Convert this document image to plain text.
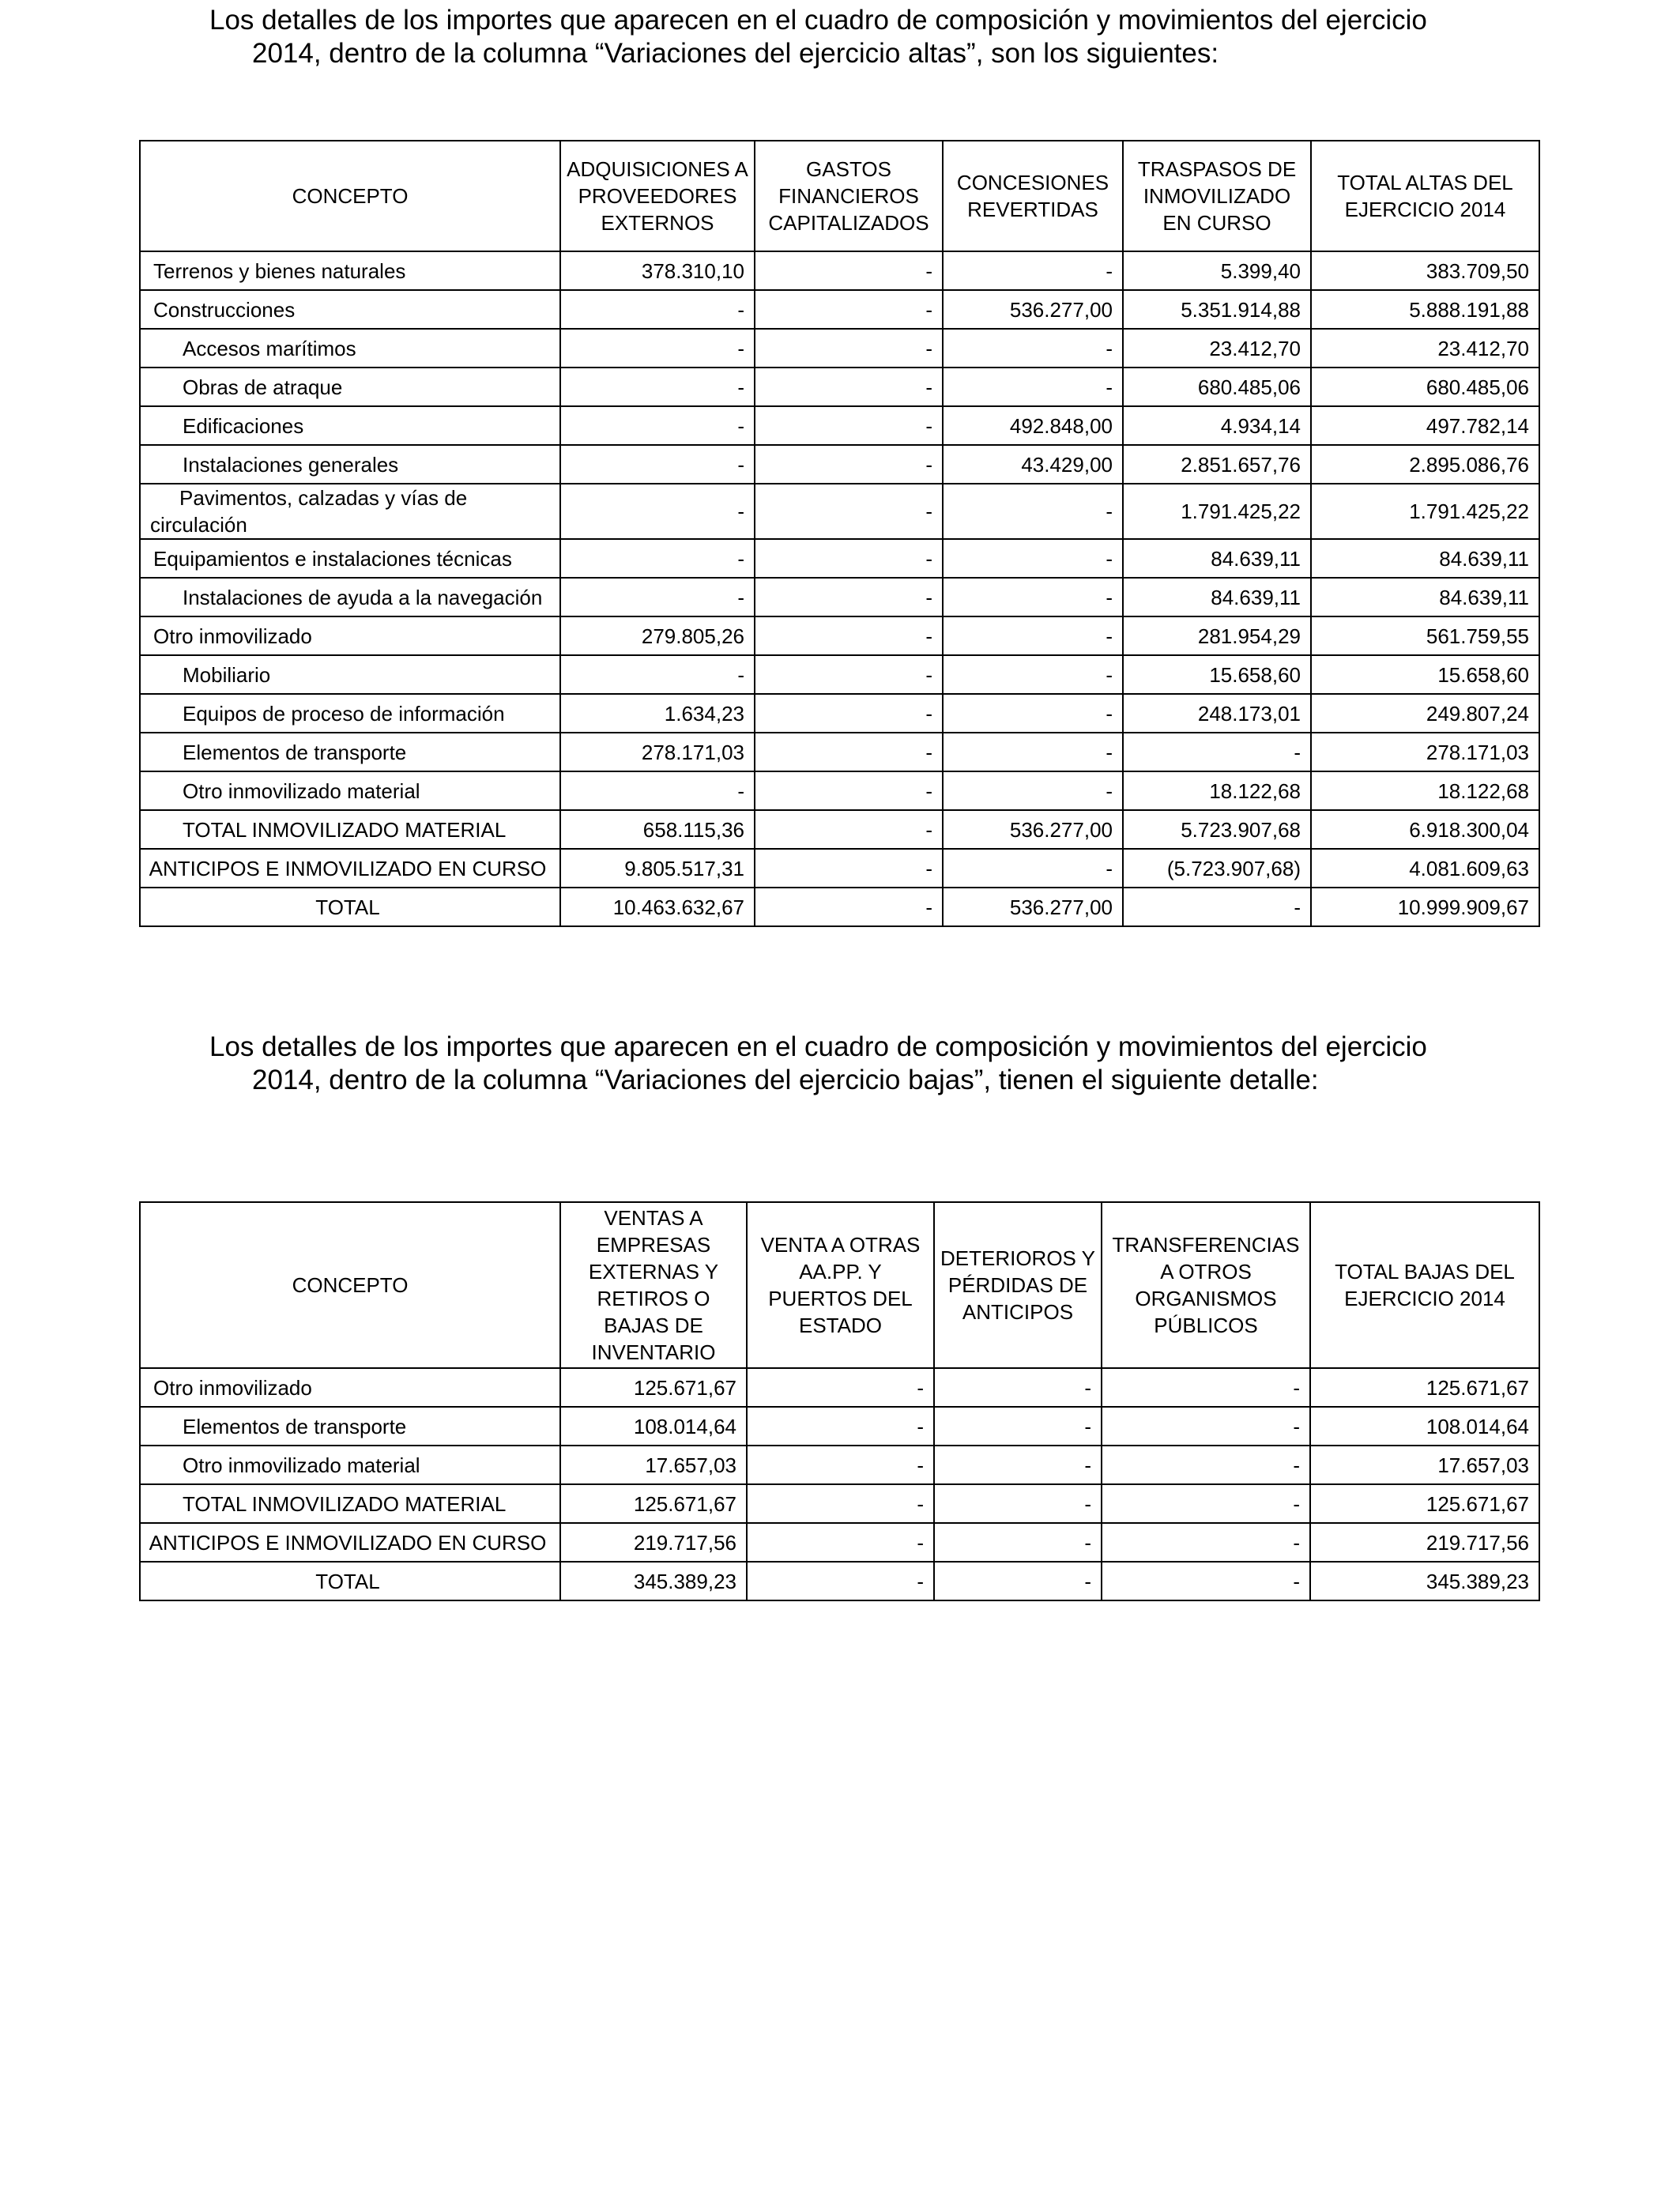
Los detalles de los importes que aparecen en el cuadro de composición y movimientos del ejercicio
2014, dentro de la columna “Variaciones del ejercicio altas”, son los siguientes:
CONCEPTO	ADQUISICIONES A PROVEEDORES EXTERNOS	GASTOS FINANCIEROS CAPITALIZADOS	CONCESIONES REVERTIDAS	TRASPASOS DE INMOVILIZADO EN CURSO	TOTAL ALTAS DEL EJERCICIO 2014
Terrenos y bienes naturales	378.310,10	-	-	5.399,40	383.709,50
Construcciones	-	-	536.277,00	5.351.914,88	5.888.191,88
Accesos marítimos	-	-	-	23.412,70	23.412,70
Obras de atraque	-	-	-	680.485,06	680.485,06
Edificaciones	-	-	492.848,00	4.934,14	497.782,14
Instalaciones generales	-	-	43.429,00	2.851.657,76	2.895.086,76
Pavimentos, calzadas y vías de circulación	-	-	-	1.791.425,22	1.791.425,22
Equipamientos e instalaciones técnicas	-	-	-	84.639,11	84.639,11
Instalaciones de ayuda a la navegación	-	-	-	84.639,11	84.639,11
Otro inmovilizado	279.805,26	-	-	281.954,29	561.759,55
Mobiliario	-	-	-	15.658,60	15.658,60
Equipos de proceso de información	1.634,23	-	-	248.173,01	249.807,24
Elementos de transporte	278.171,03	-	-	-	278.171,03
Otro inmovilizado material	-	-	-	18.122,68	18.122,68
TOTAL INMOVILIZADO MATERIAL	658.115,36	-	536.277,00	5.723.907,68	6.918.300,04
ANTICIPOS E INMOVILIZADO EN CURSO	9.805.517,31	-	-	(5.723.907,68)	4.081.609,63
TOTAL	10.463.632,67	-	536.277,00	-	10.999.909,67
Los detalles de los importes que aparecen en el cuadro de composición y movimientos del ejercicio
2014, dentro de la columna “Variaciones del ejercicio bajas”, tienen el siguiente detalle:
CONCEPTO	VENTAS A EMPRESAS EXTERNAS Y RETIROS O BAJAS DE INVENTARIO	VENTA A OTRAS AA.PP. Y PUERTOS DEL ESTADO	DETERIOROS Y PÉRDIDAS DE ANTICIPOS	TRANSFERENCIAS A OTROS ORGANISMOS PÚBLICOS	TOTAL BAJAS DEL EJERCICIO 2014
Otro inmovilizado	125.671,67	-	-	-	125.671,67
Elementos de transporte	108.014,64	-	-	-	108.014,64
Otro inmovilizado material	17.657,03	-	-	-	17.657,03
TOTAL INMOVILIZADO MATERIAL	125.671,67	-	-	-	125.671,67
ANTICIPOS E INMOVILIZADO EN CURSO	219.717,56	-	-	-	219.717,56
TOTAL	345.389,23	-	-	-	345.389,23
